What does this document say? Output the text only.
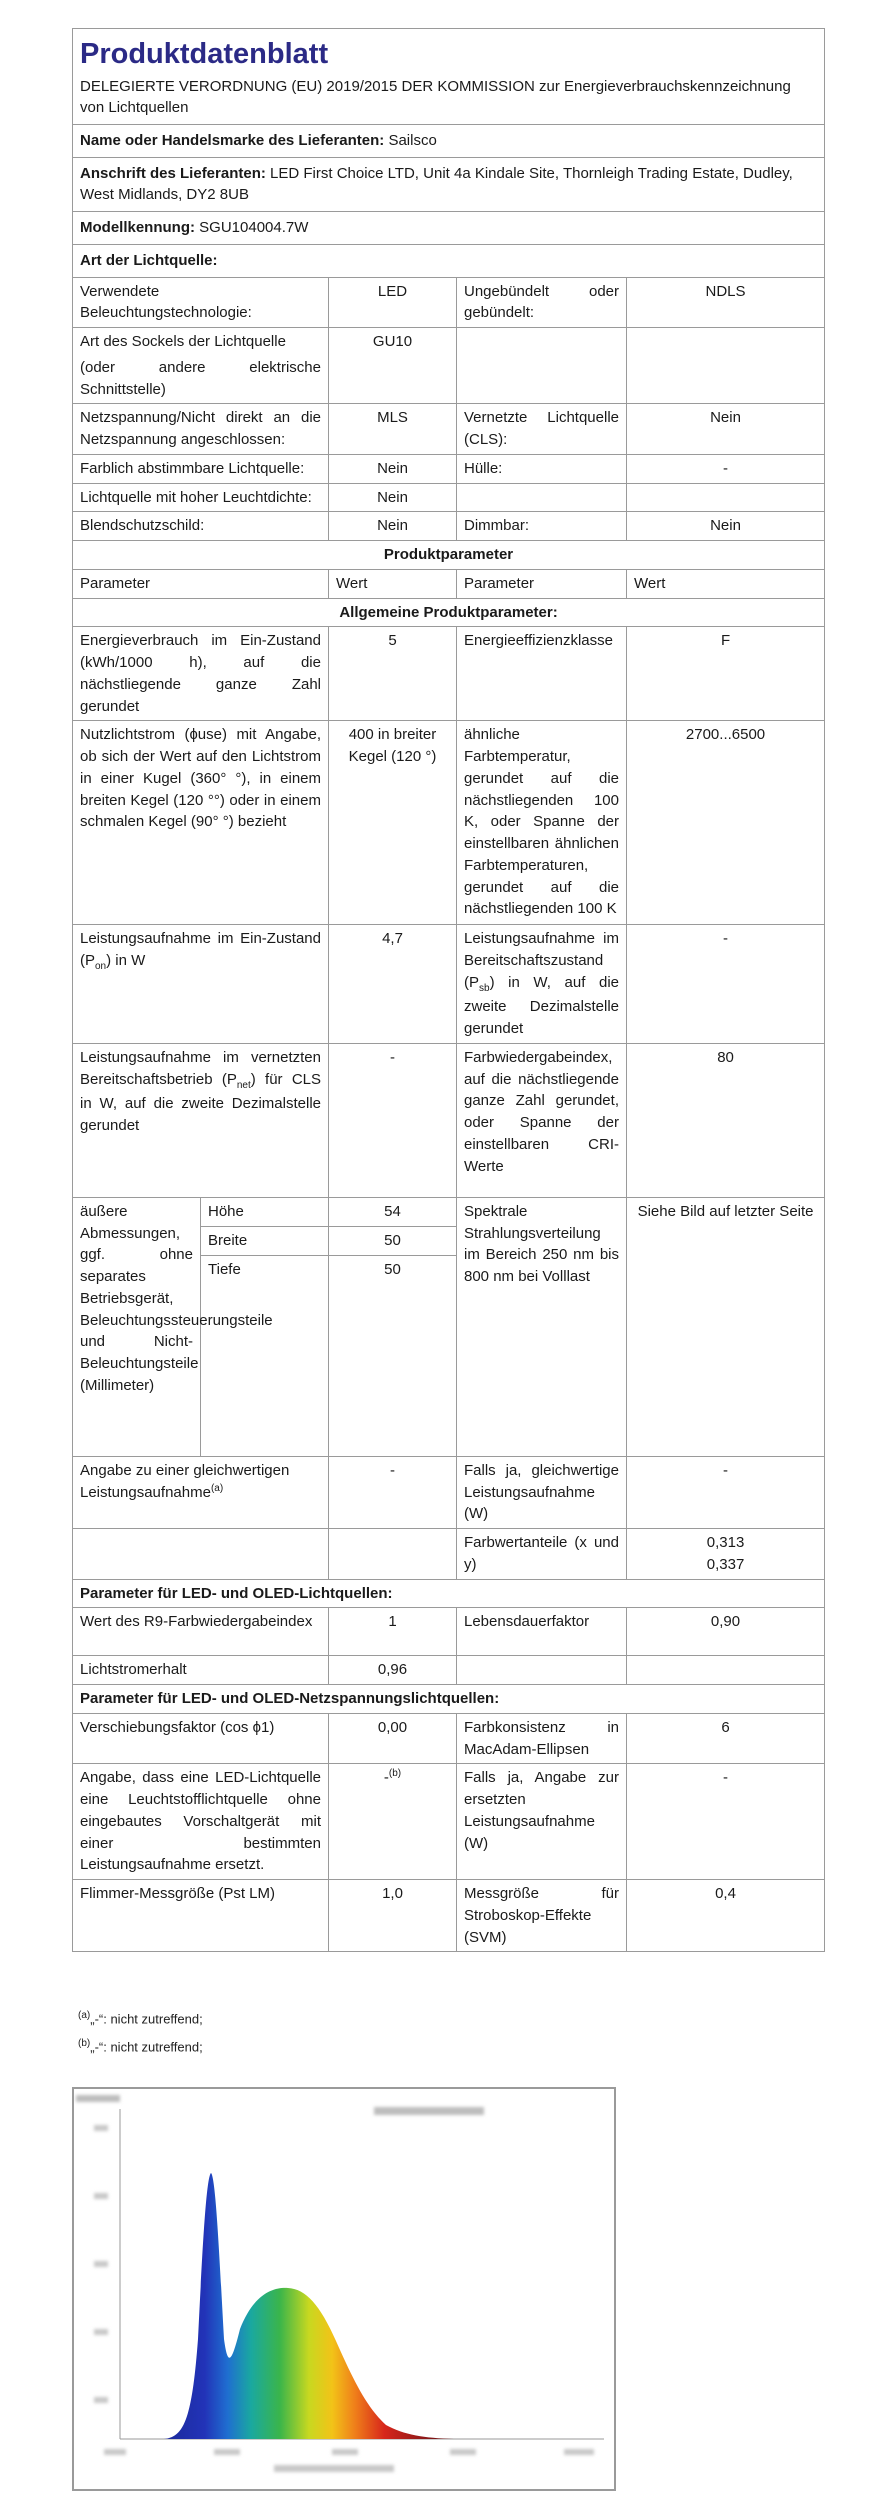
Produktdatenblatt
DELEGIERTE VERORDNUNG (EU) 2019/2015 DER KOMMISSION zur Energieverbrauchskennzeichnung von Lichtquellen				

Name oder Handelsmarke des Lieferanten: Sailsco				
Anschrift des Lieferanten: LED First Choice LTD, Unit 4a Kindale Site, Thornleigh Trading Estate, Dudley, West Midlands, DY2 8UB				
Modellkennung: SGU104004.7W				
Art der Lichtquelle:				
Verwendete Beleuchtungstechnologie:		LED	Ungebündelt oder gebündelt:	NDLS
Art des Sockels der Lichtquelle

(oder andere elektrische Schnittstelle)		GU10		
Netzspannung/Nicht direkt an die Netzspannung angeschlossen:		MLS	Vernetzte Lichtquelle (CLS):	Nein
Farblich abstimmbare Lichtquelle:		Nein	Hülle:	-
Lichtquelle mit hoher Leuchtdichte:		Nein		
Blendschutzschild:		Nein	Dimmbar:	Nein
Produktparameter				
Parameter		Wert	Parameter	Wert
Allgemeine Produktparameter:				
Energieverbrauch im Ein-Zustand (kWh/1000 h), auf die nächstliegende ganze Zahl gerundet		5	Energieeffizienzklasse	F
Nutzlichtstrom (ɸuse) mit Angabe, ob sich der Wert auf den Lichtstrom in einer Kugel (360° °), in einem breiten Kegel (120 °°) oder in einem schmalen Kegel (90° °) bezieht		400 in breiter Kegel (120 °)	ähnliche Farbtemperatur, gerundet auf die nächstliegenden 100 K, oder Spanne der einstellbaren ähnlichen Farbtemperaturen, gerundet auf die nächstliegenden 100 K	2700...6500
Leistungsaufnahme im Ein-Zustand $(P_{on})$ in W		4,7	Leistungsaufnahme im Bereitschaftszustand $(P_{sb})$ in W, auf die zweite Dezimalstelle gerundet	-
Leistungsaufnahme im vernetzten Bereitschaftsbetrieb $(P_{net})$ für CLS in W, auf die zweite Dezimalstelle gerundet		-	Farbwiedergabeindex, auf die nächstliegende ganze Zahl gerundet, oder Spanne der einstellbaren CRI-Werte	80
äußere Abmessungen, ggf. ohne separates Betriebsgerät, Beleuchtungssteuerungsteile und Nicht-Beleuchtungsteile (Millimeter)	Höhe	54	Spektrale Strahlungsverteilung im Bereich 250 nm bis 800 nm bei Volllast	Siehe Bild auf letzter Seite
	Breite	50		
	Tiefe	50		
Angabe zu einer gleichwertigen Leistungsaufnahme$^{(a)}$		-	Falls ja, gleichwertige Leistungsaufnahme (W)	-
			Farbwertanteile (x und y)	0,313
0,337
Parameter für LED- und OLED-Lichtquellen:				
Wert des R9-Farbwiedergabeindex		1	Lebensdauerfaktor	0,90
Lichtstromerhalt		0,96		
Parameter für LED- und OLED-Netzspannungslichtquellen:				
Verschiebungsfaktor (cos ϕ1)		0,00	Farbkonsistenz in MacAdam-Ellipsen	6
Angabe, dass eine LED-Lichtquelle eine Leuchtstofflichtquelle ohne eingebautes Vorschaltgerät mit einer bestimmten Leistungsaufnahme ersetzt.		-$^{(b)}$	Falls ja, Angabe zur ersetzten Leistungsaufnahme (W)	-
Flimmer-Messgröße (Pst LM)		1,0	Messgröße für Stroboskop-Effekte (SVM)	0,4
$^{(a)}$„-“: nicht zutreffend;
$^{(b)}$„-“: nicht zutreffend;
